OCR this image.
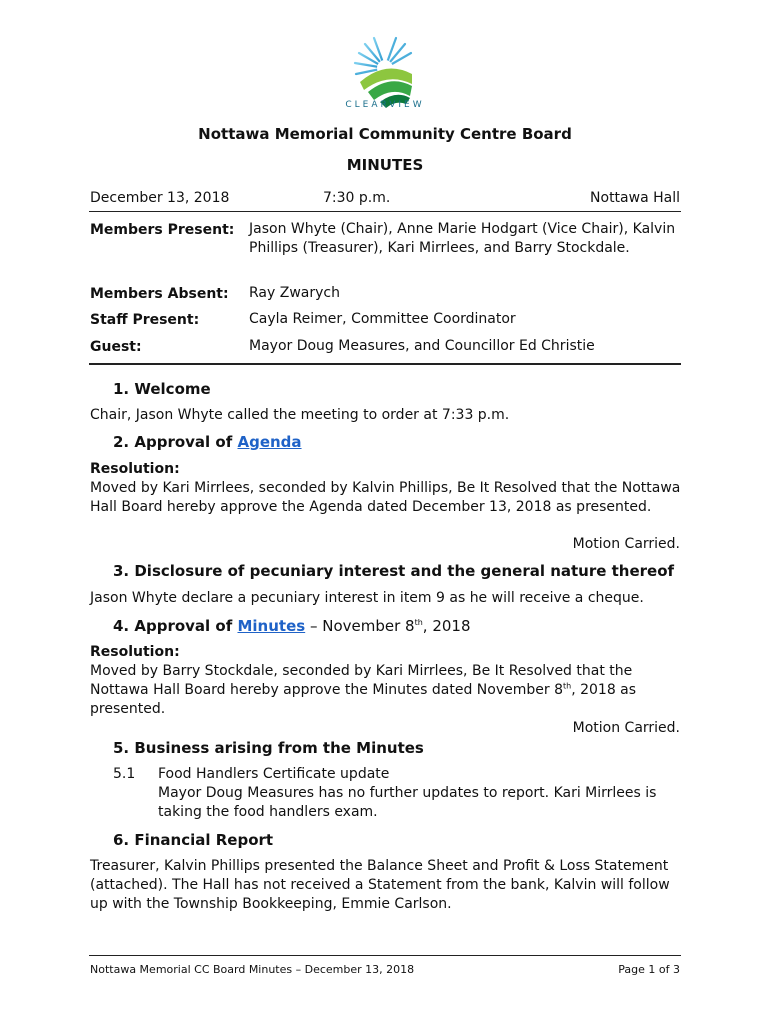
CLEARVIEW
Nottawa Memorial Community Centre Board
MINUTES
December 13, 2018	7:30 p.m.	Nottawa Hall
Members Present: Jason Whyte (Chair), Anne Marie Hodgart (Vice Chair), Kalvin Phillips (Treasurer), Kari Mirrlees, and Barry Stockdale.
Members Absent: Ray Zwarych
Staff Present:	Cayla Reimer, Committee Coordinator
Guest:	Mayor Doug Measures, and Councillor Ed Christie
1. Welcome
Chair, Jason Whyte called the meeting to order at 7:33 p.m.
2. Approval of Agenda
Resolution:
Moved by Kari Mirrlees, seconded by Kalvin Phillips, Be It Resolved that the Nottawa Hall Board hereby approve the Agenda dated December 13, 2018 as presented.
Motion Carried.
3. Disclosure of pecuniary interest and the general nature thereof
Jason Whyte declare a pecuniary interest in item 9 as he will receive a cheque.
4. Approval of Minutes – November 8th, 2018
Resolution:
Moved by Barry Stockdale, seconded by Kari Mirrlees, Be It Resolved that the Nottawa Hall Board hereby approve the Minutes dated November 8th, 2018 as presented.
Motion Carried.
5. Business arising from the Minutes
5.1 Food Handlers Certificate update
Mayor Doug Measures has no further updates to report. Kari Mirrlees is taking the food handlers exam.
6. Financial Report
Treasurer, Kalvin Phillips presented the Balance Sheet and Profit & Loss Statement (attached). The Hall has not received a Statement from the bank, Kalvin will follow up with the Township Bookkeeping, Emmie Carlson.
Nottawa Memorial CC Board Minutes – December 13, 2018	Page 1 of 3
